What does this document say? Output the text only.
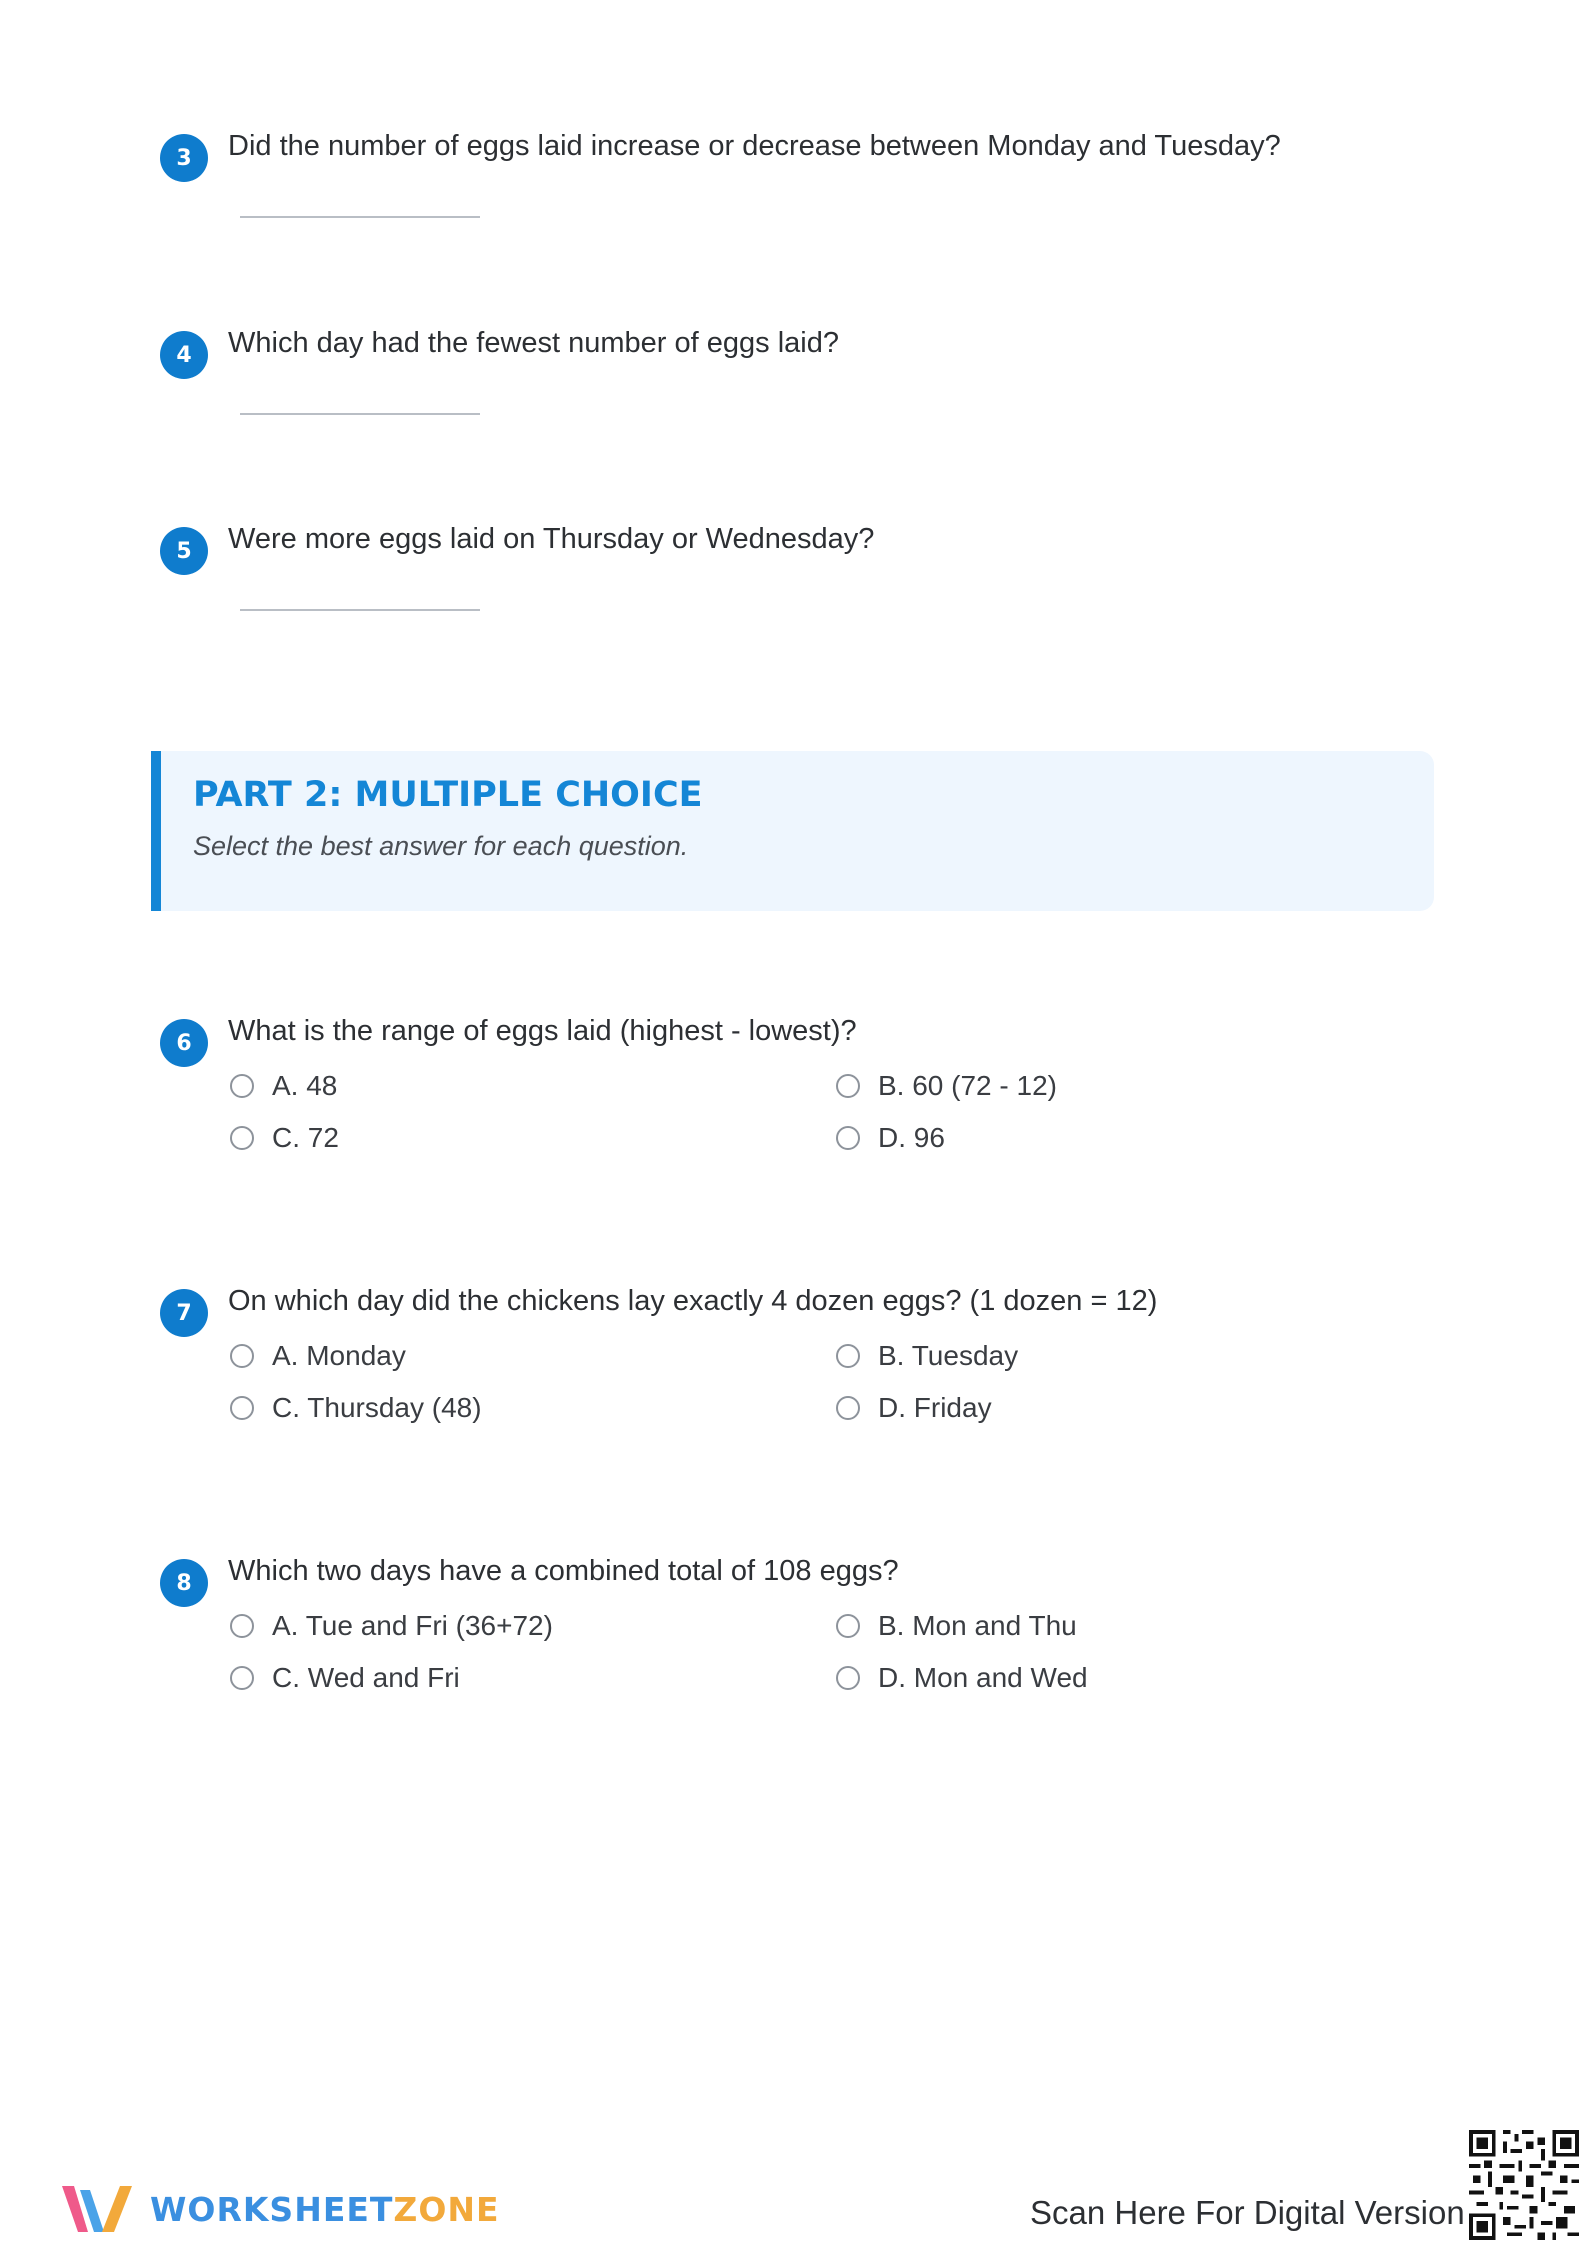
3	Did the number of eggs laid increase or decrease between Monday and Tuesday?
4	Which day had the fewest number of eggs laid?
5	Were more eggs laid on Thursday or Wednesday?
PART 2: MULTIPLE CHOICE
Select the best answer for each question.
6	What is the range of eggs laid (highest - lowest)?
A. 48	B. 60 (72 - 12)
C. 72	D. 96
7	On which day did the chickens lay exactly 4 dozen eggs? (1 dozen = 12)
A. Monday	B. Tuesday
C. Thursday (48)	D. Friday
8	Which two days have a combined total of 108 eggs?
A. Tue and Fri (36+72)	B. Mon and Thu
C. Wed and Fri	D. Mon and Wed
WORKSHEETZONE	Scan Here For Digital Version
